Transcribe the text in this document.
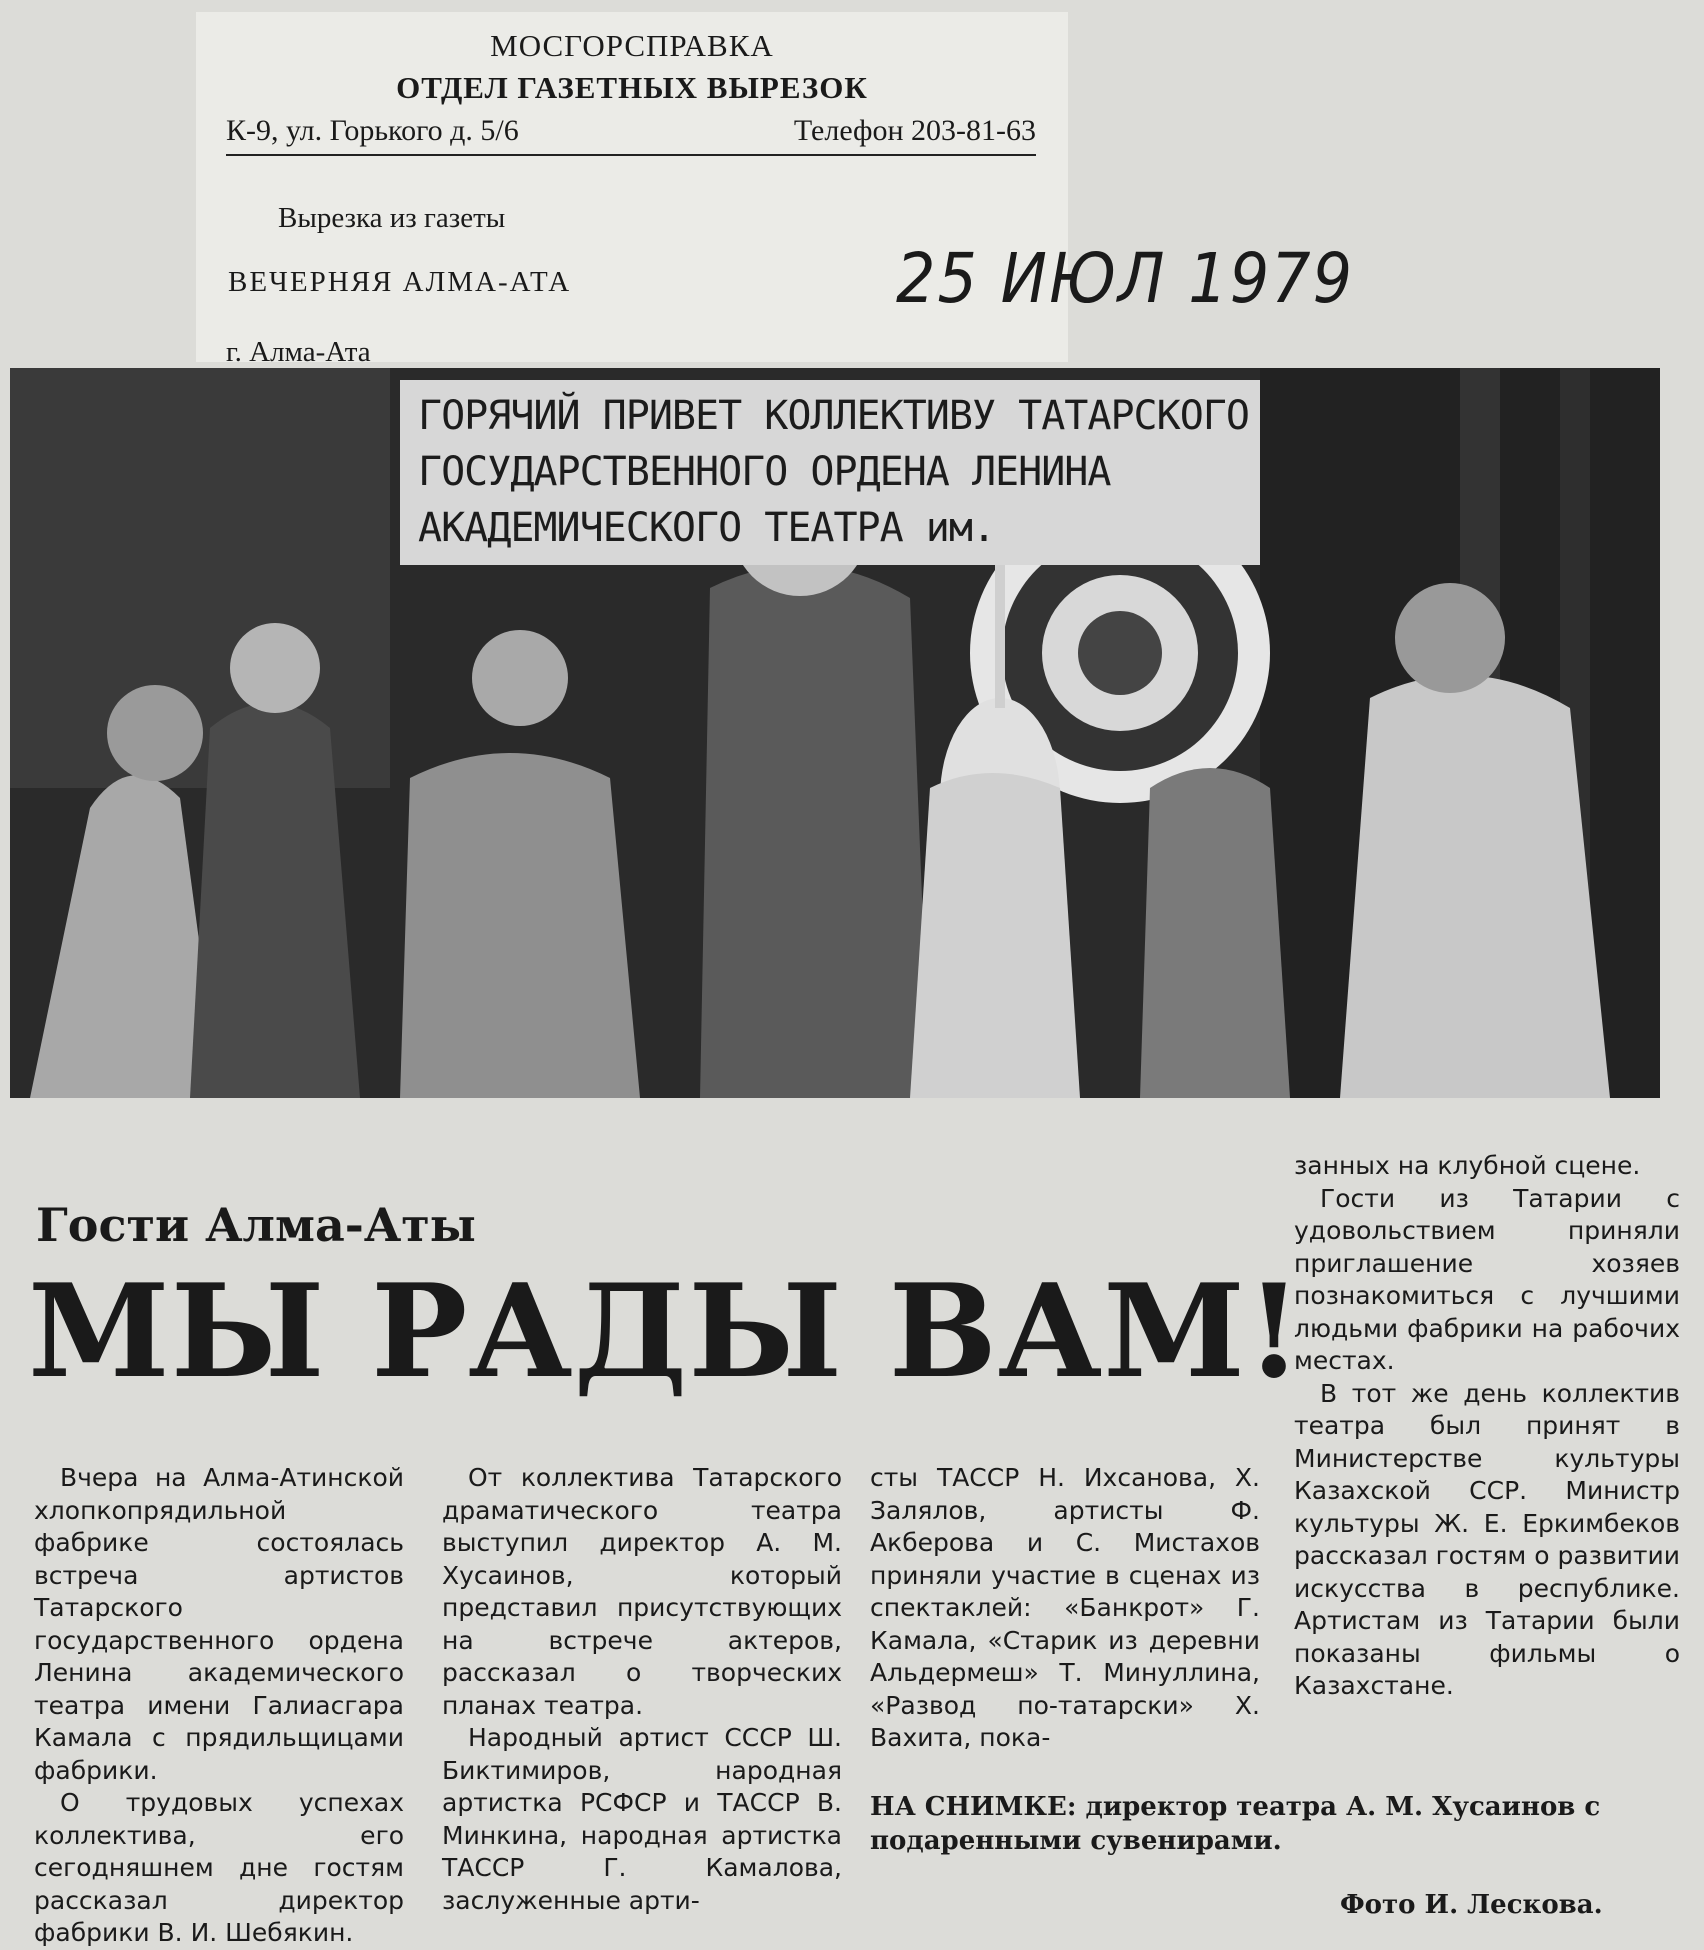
МОСГОРСПРАВКА
ОТДЕЛ ГАЗЕТНЫХ ВЫРЕЗОК
К-9, ул. Горького д. 5/6	Телефон 203-81-63
Вырезка из газеты
ВЕЧЕРНЯЯ АЛМА-АТА	25 ИЮЛ 1979
г. Алма-Ата
ГОРЯЧИЙ ПРИВЕТ КОЛЛЕКТИВУ ТАТАРСКОГО
ГОСУДАРСТВЕННОГО ОРДЕНА ЛЕНИНА
АКАДЕМИЧЕСКОГО ТЕАТРА им.
Гости Алма-Аты
МЫ РАДЫ ВАМ!

Вчера на Алма-Атинской хлопкопрядильной фабрике состоялась встреча артистов Татарского государственного ордена Ленина академического театра имени Галиасгара Камала с прядильщицами фабрики.

О трудовых успехах коллектива, его сегодняшнем дне гостям рассказал директор фабрики В. И. Шебякин.

От коллектива Татарского драматического театра выступил директор А. М. Хусаинов, который представил присутствующих на встрече актеров, рассказал о творческих планах театра.

Народный артист СССР Ш. Биктимиров, народная артистка РСФСР и ТАССР В. Минкина, народная артистка ТАССР Г. Камалова, заслуженные арти-

сты ТАССР Н. Ихсанова, Х. Залялов, артисты Ф. Акберова и С. Мистахов приняли участие в сценах из спектаклей: «Банкрот» Г. Камала, «Старик из деревни Альдермеш» Т. Минуллина, «Развод по-татарски» Х. Вахита, пока-

занных на клубной сцене.

Гости из Татарии с удовольствием приняли приглашение хозяев познакомиться с лучшими людьми фабрики на рабочих местах.

В тот же день коллектив театра был принят в Министерстве культуры Казахской ССР. Министр культуры Ж. Е. Еркимбеков рассказал гостям о развитии искусства в республике. Артистам из Татарии были показаны фильмы о Казахстане.

НА СНИМКЕ: директор театра А. М. Хусаинов с подаренными сувенирами.
Фото И. Лескова.
